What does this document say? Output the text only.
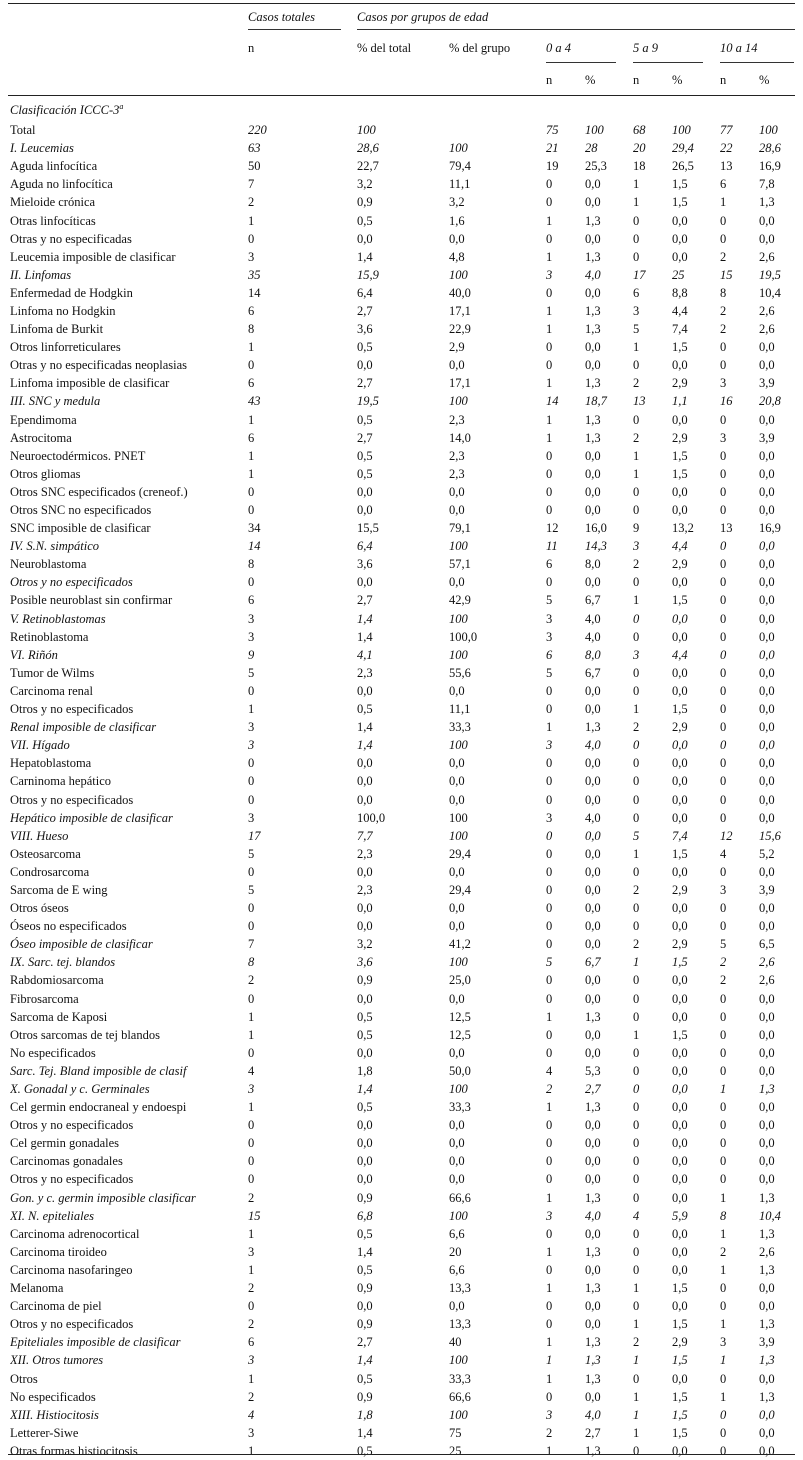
Casos totales	Casos por grupos de edad
n	% del total	% del grupo	0 a 4	5 a 9	10 a 14
n	%	n	%	n	%
Clasificación ICCC-3$^a$
Total	220	100		75	100	68	100	77	100
I. Leucemias	63	28,6	100	21	28	20	29,4	22	28,6
Aguda linfocítica	50	22,7	79,4	19	25,3	18	26,5	13	16,9
Aguda no linfocítica	7	3,2	11,1	0	0,0	1	1,5	6	7,8
Mieloide crónica	2	0,9	3,2	0	0,0	1	1,5	1	1,3
Otras linfocíticas	1	0,5	1,6	1	1,3	0	0,0	0	0,0
Otras y no especificadas	0	0,0	0,0	0	0,0	0	0,0	0	0,0
Leucemia imposible de clasificar	3	1,4	4,8	1	1,3	0	0,0	2	2,6
II. Linfomas	35	15,9	100	3	4,0	17	25	15	19,5
Enfermedad de Hodgkin	14	6,4	40,0	0	0,0	6	8,8	8	10,4
Linfoma no Hodgkin	6	2,7	17,1	1	1,3	3	4,4	2	2,6
Linfoma de Burkit	8	3,6	22,9	1	1,3	5	7,4	2	2,6
Otros linforreticulares	1	0,5	2,9	0	0,0	1	1,5	0	0,0
Otras y no especificadas neoplasias	0	0,0	0,0	0	0,0	0	0,0	0	0,0
Linfoma imposible de clasificar	6	2,7	17,1	1	1,3	2	2,9	3	3,9
III. SNC y medula	43	19,5	100	14	18,7	13	1,1	16	20,8
Ependimoma	1	0,5	2,3	1	1,3	0	0,0	0	0,0
Astrocitoma	6	2,7	14,0	1	1,3	2	2,9	3	3,9
Neuroectodérmicos. PNET	1	0,5	2,3	0	0,0	1	1,5	0	0,0
Otros gliomas	1	0,5	2,3	0	0,0	1	1,5	0	0,0
Otros SNC especificados (creneof.)	0	0,0	0,0	0	0,0	0	0,0	0	0,0
Otros SNC no especificados	0	0,0	0,0	0	0,0	0	0,0	0	0,0
SNC imposible de clasificar	34	15,5	79,1	12	16,0	9	13,2	13	16,9
IV. S.N. simpático	14	6,4	100	11	14,3	3	4,4	0	0,0
Neuroblastoma	8	3,6	57,1	6	8,0	2	2,9	0	0,0
Otros y no especificados	0	0,0	0,0	0	0,0	0	0,0	0	0,0
Posible neuroblast sin confirmar	6	2,7	42,9	5	6,7	1	1,5	0	0,0
V. Retinoblastomas	3	1,4	100	3	4,0	0	0,0	0	0,0
Retinoblastoma	3	1,4	100,0	3	4,0	0	0,0	0	0,0
VI. Riñón	9	4,1	100	6	8,0	3	4,4	0	0,0
Tumor de Wilms	5	2,3	55,6	5	6,7	0	0,0	0	0,0
Carcinoma renal	0	0,0	0,0	0	0,0	0	0,0	0	0,0
Otros y no especificados	1	0,5	11,1	0	0,0	1	1,5	0	0,0
Renal imposible de clasificar	3	1,4	33,3	1	1,3	2	2,9	0	0,0
VII. Hígado	3	1,4	100	3	4,0	0	0,0	0	0,0
Hepatoblastoma	0	0,0	0,0	0	0,0	0	0,0	0	0,0
Carninoma hepático	0	0,0	0,0	0	0,0	0	0,0	0	0,0
Otros y no especificados	0	0,0	0,0	0	0,0	0	0,0	0	0,0
Hepático imposible de clasificar	3	100,0	100	3	4,0	0	0,0	0	0,0
VIII. Hueso	17	7,7	100	0	0,0	5	7,4	12	15,6
Osteosarcoma	5	2,3	29,4	0	0,0	1	1,5	4	5,2
Condrosarcoma	0	0,0	0,0	0	0,0	0	0,0	0	0,0
Sarcoma de E wing	5	2,3	29,4	0	0,0	2	2,9	3	3,9
Otros óseos	0	0,0	0,0	0	0,0	0	0,0	0	0,0
Óseos no especificados	0	0,0	0,0	0	0,0	0	0,0	0	0,0
Óseo imposible de clasificar	7	3,2	41,2	0	0,0	2	2,9	5	6,5
IX. Sarc. tej. blandos	8	3,6	100	5	6,7	1	1,5	2	2,6
Rabdomiosarcoma	2	0,9	25,0	0	0,0	0	0,0	2	2,6
Fibrosarcoma	0	0,0	0,0	0	0,0	0	0,0	0	0,0
Sarcoma de Kaposi	1	0,5	12,5	1	1,3	0	0,0	0	0,0
Otros sarcomas de tej blandos	1	0,5	12,5	0	0,0	1	1,5	0	0,0
No especificados	0	0,0	0,0	0	0,0	0	0,0	0	0,0
Sarc. Tej. Bland imposible de clasif	4	1,8	50,0	4	5,3	0	0,0	0	0,0
X. Gonadal y c. Germinales	3	1,4	100	2	2,7	0	0,0	1	1,3
Cel germin endocraneal y endoespi	1	0,5	33,3	1	1,3	0	0,0	0	0,0
Otros y no especificados	0	0,0	0,0	0	0,0	0	0,0	0	0,0
Cel germin gonadales	0	0,0	0,0	0	0,0	0	0,0	0	0,0
Carcinomas gonadales	0	0,0	0,0	0	0,0	0	0,0	0	0,0
Otros y no especificados	0	0,0	0,0	0	0,0	0	0,0	0	0,0
Gon. y c. germin imposible clasificar	2	0,9	66,6	1	1,3	0	0,0	1	1,3
XI. N. epiteliales	15	6,8	100	3	4,0	4	5,9	8	10,4
Carcinoma adrenocortical	1	0,5	6,6	0	0,0	0	0,0	1	1,3
Carcinoma tiroideo	3	1,4	20	1	1,3	0	0,0	2	2,6
Carcinoma nasofaringeo	1	0,5	6,6	0	0,0	0	0,0	1	1,3
Melanoma	2	0,9	13,3	1	1,3	1	1,5	0	0,0
Carcinoma de piel	0	0,0	0,0	0	0,0	0	0,0	0	0,0
Otros y no especificados	2	0,9	13,3	0	0,0	1	1,5	1	1,3
Epiteliales imposible de clasificar	6	2,7	40	1	1,3	2	2,9	3	3,9
XII. Otros tumores	3	1,4	100	1	1,3	1	1,5	1	1,3
Otros	1	0,5	33,3	1	1,3	0	0,0	0	0,0
No especificados	2	0,9	66,6	0	0,0	1	1,5	1	1,3
XIII. Histiocitosis	4	1,8	100	3	4,0	1	1,5	0	0,0
Letterer-Siwe	3	1,4	75	2	2,7	1	1,5	0	0,0
Otras formas histiocitosis	1	0,5	25	1	1,3	0	0,0	0	0,0
